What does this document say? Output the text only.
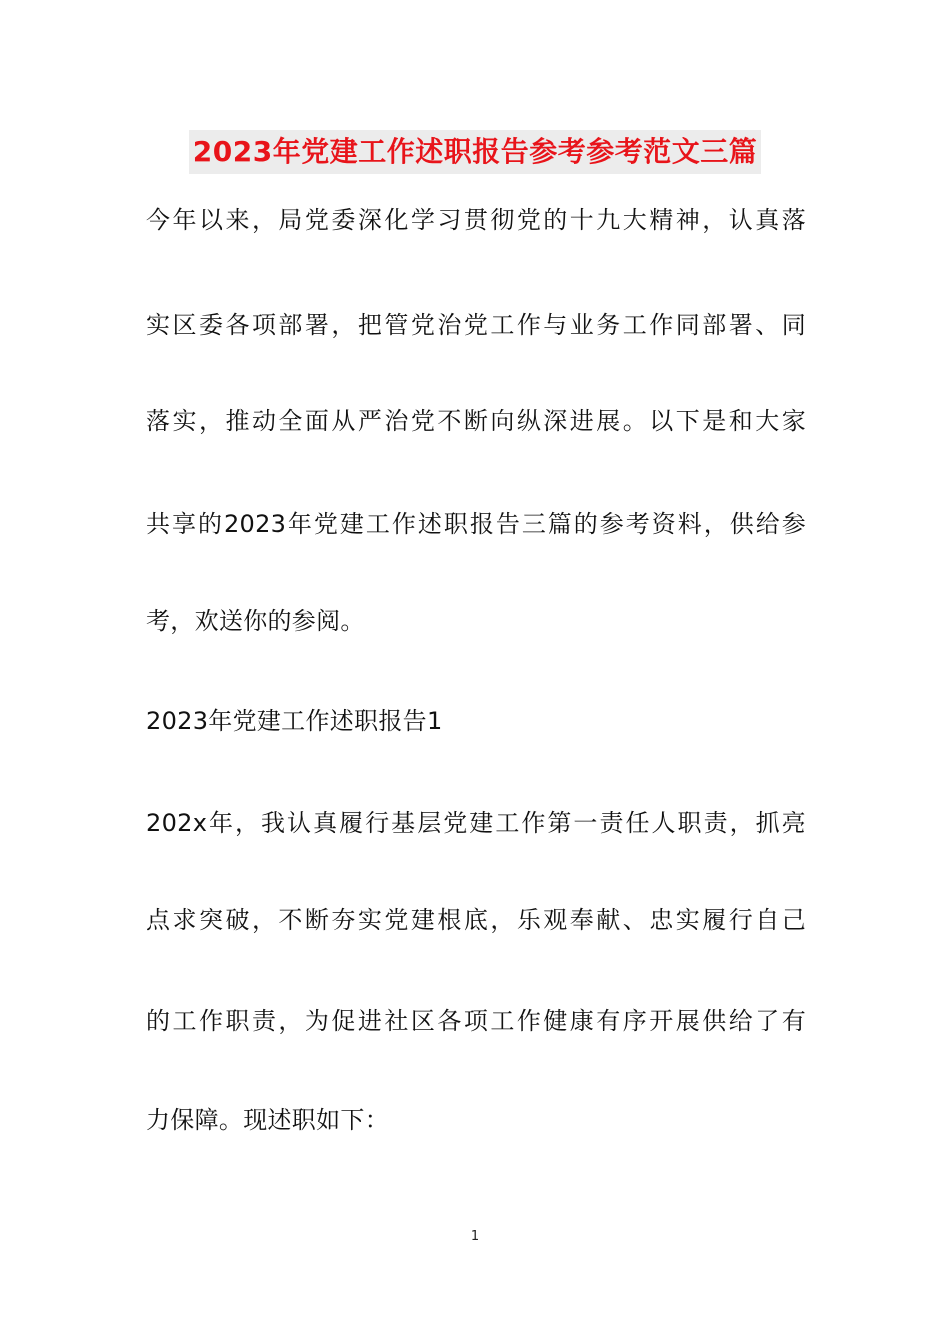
2023年党建工作述职报告参考参考范文三篇
今年以来，局党委深化学习贯彻党的十九大精神，认真落
实区委各项部署，把管党治党工作与业务工作同部署、同
落实，推动全面从严治党不断向纵深进展。以下是和大家
共享的2023年党建工作述职报告三篇的参考资料，供给参
考，欢送你的参阅。
2023年党建工作述职报告1
202x年，我认真履行基层党建工作第一责任人职责，抓亮
点求突破，不断夯实党建根底，乐观奉献、忠实履行自己
的工作职责，为促进社区各项工作健康有序开展供给了有
力保障。现述职如下：
1
